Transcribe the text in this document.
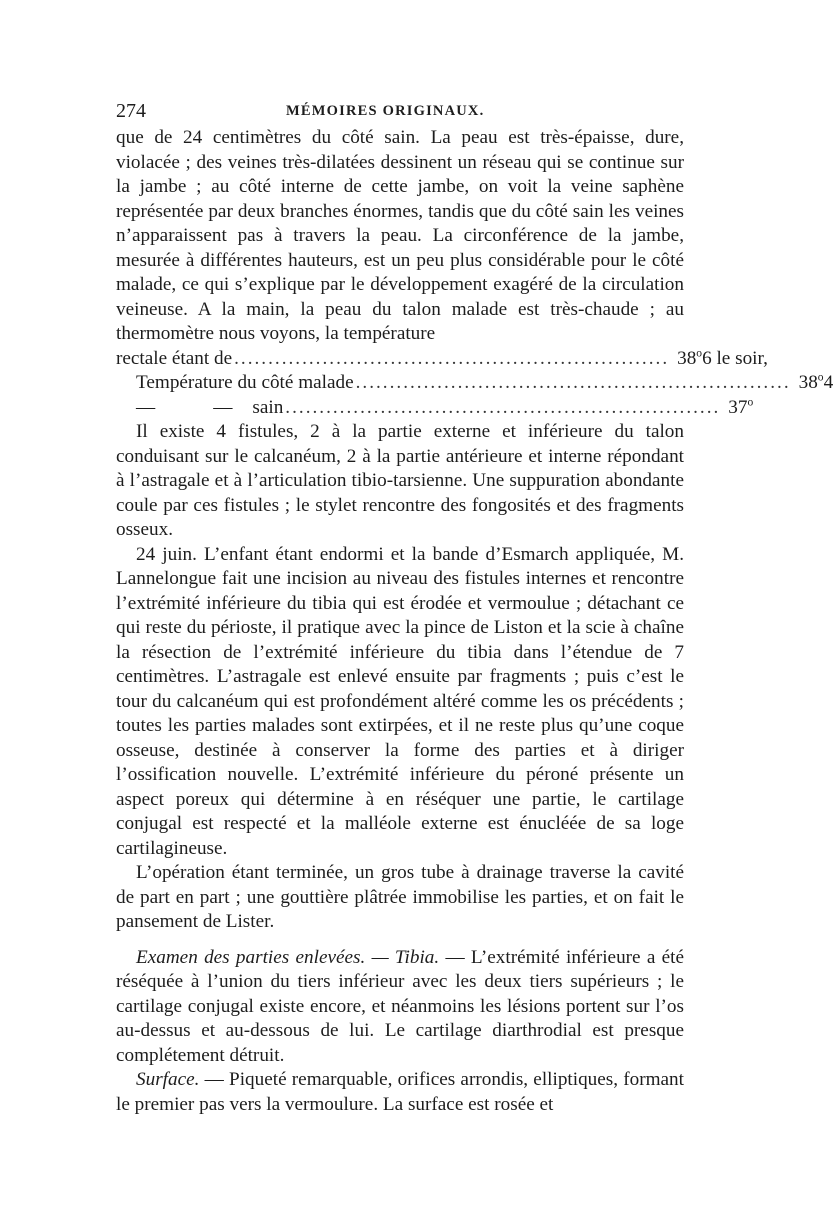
274	MÉMOIRES ORIGINAUX.

que de 24 centimètres du côté sain. La peau est très-épaisse, dure, violacée ; des veines très-dilatées dessinent un réseau qui se continue sur la jambe ; au côté interne de cette jambe, on voit la veine saphène représentée par deux branches énormes, tandis que du côté sain les veines n’apparaissent pas à travers la peau. La circonférence de la jambe, mesurée à différentes hauteurs, est un peu plus considérable pour le côté malade, ce qui s’explique par le développement exagéré de la circulation veineuse. A la main, la peau du talon malade est très-chaude ; au thermomètre nous voyons, la température

rectale étant de ................................................................ 38$^o$6 le soir,
Température du côté malade ................................................................ 38$^o$4
—	— sain ................................................................ 37$^o$

Il existe 4 fistules, 2 à la partie externe et inférieure du talon conduisant sur le calcanéum, 2 à la partie antérieure et interne répondant à l’astragale et à l’articulation tibio-tarsienne. Une suppuration abondante coule par ces fistules ; le stylet rencontre des fongosités et des fragments osseux.

24 juin. L’enfant étant endormi et la bande d’Esmarch appliquée, M. Lannelongue fait une incision au niveau des fistules internes et rencontre l’extrémité inférieure du tibia qui est érodée et vermoulue ; détachant ce qui reste du périoste, il pratique avec la pince de Liston et la scie à chaîne la résection de l’extrémité inférieure du tibia dans l’étendue de 7 centimètres. L’astragale est enlevé ensuite par fragments ; puis c’est le tour du calcanéum qui est profondément altéré comme les os précédents ; toutes les parties malades sont extirpées, et il ne reste plus qu’une coque osseuse, destinée à conserver la forme des parties et à diriger l’ossification nouvelle. L’extrémité inférieure du péroné présente un aspect poreux qui détermine à en réséquer une partie, le cartilage conjugal est respecté et la malléole externe est énucléée de sa loge cartilagineuse.

L’opération étant terminée, un gros tube à drainage traverse la cavité de part en part ; une gouttière plâtrée immobilise les parties, et on fait le pansement de Lister.

Examen des parties enlevées. — Tibia. — L’extrémité inférieure a été réséquée à l’union du tiers inférieur avec les deux tiers supérieurs ; le cartilage conjugal existe encore, et néanmoins les lésions portent sur l’os au-dessus et au-dessous de lui. Le cartilage diarthrodial est presque complétement détruit.

Surface. — Piqueté remarquable, orifices arrondis, elliptiques, formant le premier pas vers la vermoulure. La surface est rosée et
